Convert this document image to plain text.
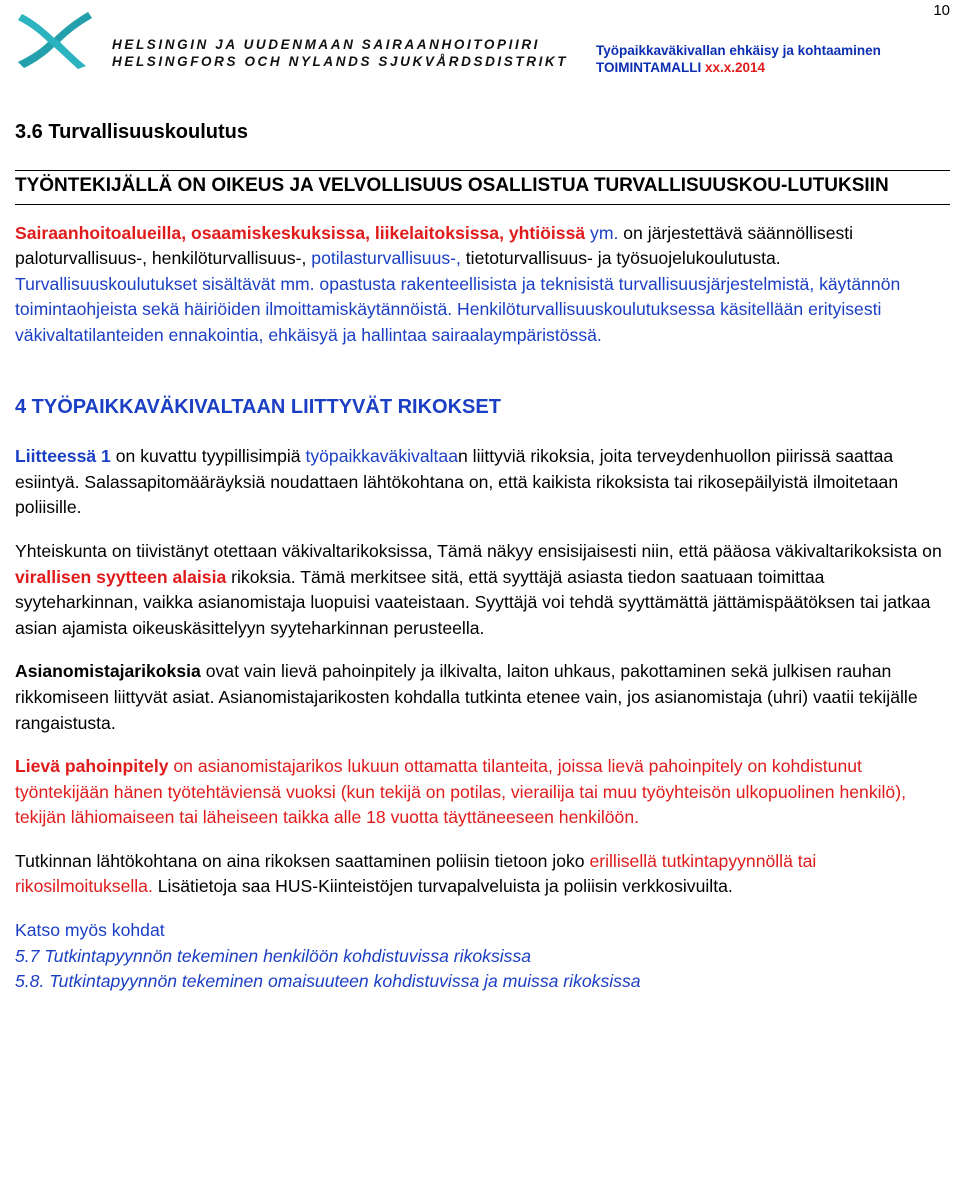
10
HELSINGIN JA UUDENMAAN SAIRAANHOITOPIIRI
HELSINGFORS OCH NYLANDS SJUKVÅRDSDISTRIKT
Työpaikkaväkivallan ehkäisy ja kohtaaminen
TOIMINTAMALLI xx.x.2014
3.6 Turvallisuuskoulutus
TYÖNTEKIJÄLLÄ ON OIKEUS JA VELVOLLISUUS OSALLISTUA TURVALLISUUSKOU-LUTUKSIIN

Sairaanhoitoalueilla, osaamiskeskuksissa, liikelaitoksissa, yhtiöissä ym. on järjestettävä säännöllisesti paloturvallisuus-, henkilöturvallisuus-, potilasturvallisuus-, tietoturvallisuus- ja työsuojelukoulutusta. Turvallisuuskoulutukset sisältävät mm. opastusta rakenteellisista ja teknisistä turvallisuusjärjestelmistä, käytännön toimintaohjeista sekä häiriöiden ilmoittamiskäytännöistä. Henkilöturvallisuuskoulutuksessa käsitellään erityisesti väkivaltatilanteiden ennakointia, ehkäisyä ja hallintaa sairaalaympäristössä.

4 TYÖPAIKKAVÄKIVALTAAN LIITTYVÄT RIKOKSET

Liitteessä 1 on kuvattu tyypillisimpiä työpaikkaväkivaltaan liittyviä rikoksia, joita terveydenhuollon piirissä saattaa esiintyä. Salassapitomääräyksiä noudattaen lähtökohtana on, että kaikista rikoksista tai rikosepäilyistä ilmoitetaan poliisille.

Yhteiskunta on tiivistänyt otettaan väkivaltarikoksissa, Tämä näkyy ensisijaisesti niin, että pääosa väkivaltarikoksista on virallisen syytteen alaisia rikoksia. Tämä merkitsee sitä, että syyttäjä asiasta tiedon saatuaan toimittaa syyteharkinnan, vaikka asianomistaja luopuisi vaateistaan. Syyttäjä voi tehdä syyttämättä jättämispäätöksen tai jatkaa asian ajamista oikeuskäsittelyyn syyteharkinnan perusteella.

Asianomistajarikoksia ovat vain lievä pahoinpitely ja ilkivalta, laiton uhkaus, pakottaminen sekä julkisen rauhan rikkomiseen liittyvät asiat. Asianomistajarikosten kohdalla tutkinta etenee vain, jos asianomistaja (uhri) vaatii tekijälle rangaistusta.

Lievä pahoinpitely on asianomistajarikos lukuun ottamatta tilanteita, joissa lievä pahoinpitely on kohdistunut työntekijään hänen työtehtäviensä vuoksi (kun tekijä on potilas, vierailija tai muu työyhteisön ulkopuolinen henkilö), tekijän lähiomaiseen tai läheiseen taikka alle 18 vuotta täyttäneeseen henkilöön.

Tutkinnan lähtökohtana on aina rikoksen saattaminen poliisin tietoon joko erillisellä tutkintapyynnöllä tai rikosilmoituksella. Lisätietoja saa HUS-Kiinteistöjen turvapalveluista ja poliisin verkkosivuilta.

Katso myös kohdat
5.7 Tutkintapyynnön tekeminen henkilöön kohdistuvissa rikoksissa
5.8. Tutkintapyynnön tekeminen omaisuuteen kohdistuvissa ja muissa rikoksissa
